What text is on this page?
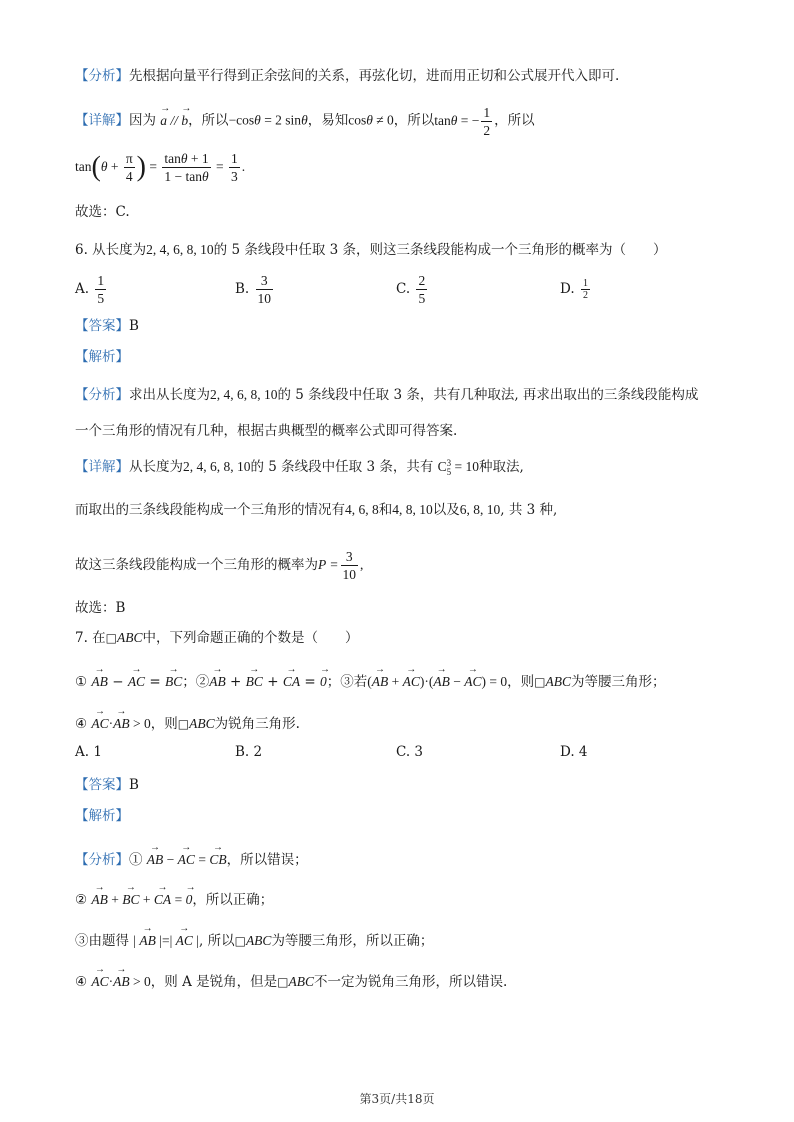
【分析】先根据向量平行得到正余弦间的关系，再弦化切，进而用正切和公式展开代入即可.
【详解】因为 → a // → b，所以−cosθ = 2 sinθ，易知cosθ ≠ 0，所以tanθ = − $\frac{1}{2}$ ，所以
$\tan(\theta + \frac{\pi}{4}$ ) = $\frac{\tan\theta + 1}{1 - \tan\theta} = \frac{1}{3}$ .
故选：C.
6. 从长度为2, 4, 6, 8, 10的 5 条线段中任取 3 条，则这三条线段能构成一个三角形的概率为（　　）
A. $\frac{1}{5}$	B. $\frac{3}{10}$	C. $\frac{2}{5}$	D. $\frac{1}{2}$
【答案】B
【解析】
【分析】求出从长度为2, 4, 6, 8, 10的 5 条线段中任取 3 条，共有几种取法, 再求出取出的三条线段能构成
一个三角形的情况有几种，根据古典概型的概率公式即可得答案.
【详解】从长度为2, 4, 6, 8, 10的 5 条线段中任取 3 条，共有 C 3
5 = 10种取法,
而取出的三条线段能构成一个三角形的情况有4, 6, 8和4, 8, 10以及6, 8, 10, 共 3 种,
故这三条线段能构成一个三角形的概率为$P = \frac{3}{10}$ ,
故选：B
7. 在□ABC中，下列命题正确的个数是（　　）
① → AB − → AC = → BC；②→ AB + → BC + → CA = → 0；③若(→ AB + → AC)·(→ AB − → AC) = 0，则□ABC为等腰三角形；
④ → AC·→ AB > 0，则□ABC为锐角三角形.
A. 1	B. 2	C. 3	D. 4
【答案】B
【解析】
【分析】① → AB − → AC = → CB，所以错误；
② → AB + → BC + → CA = → 0，所以正确；
③由题得 | → AB |=| → AC |, 所以□ABC为等腰三角形，所以正确；
④ → AC·→ AB > 0，则 A 是锐角，但是□ABC不一定为锐角三角形，所以错误.
第3页/共18页
